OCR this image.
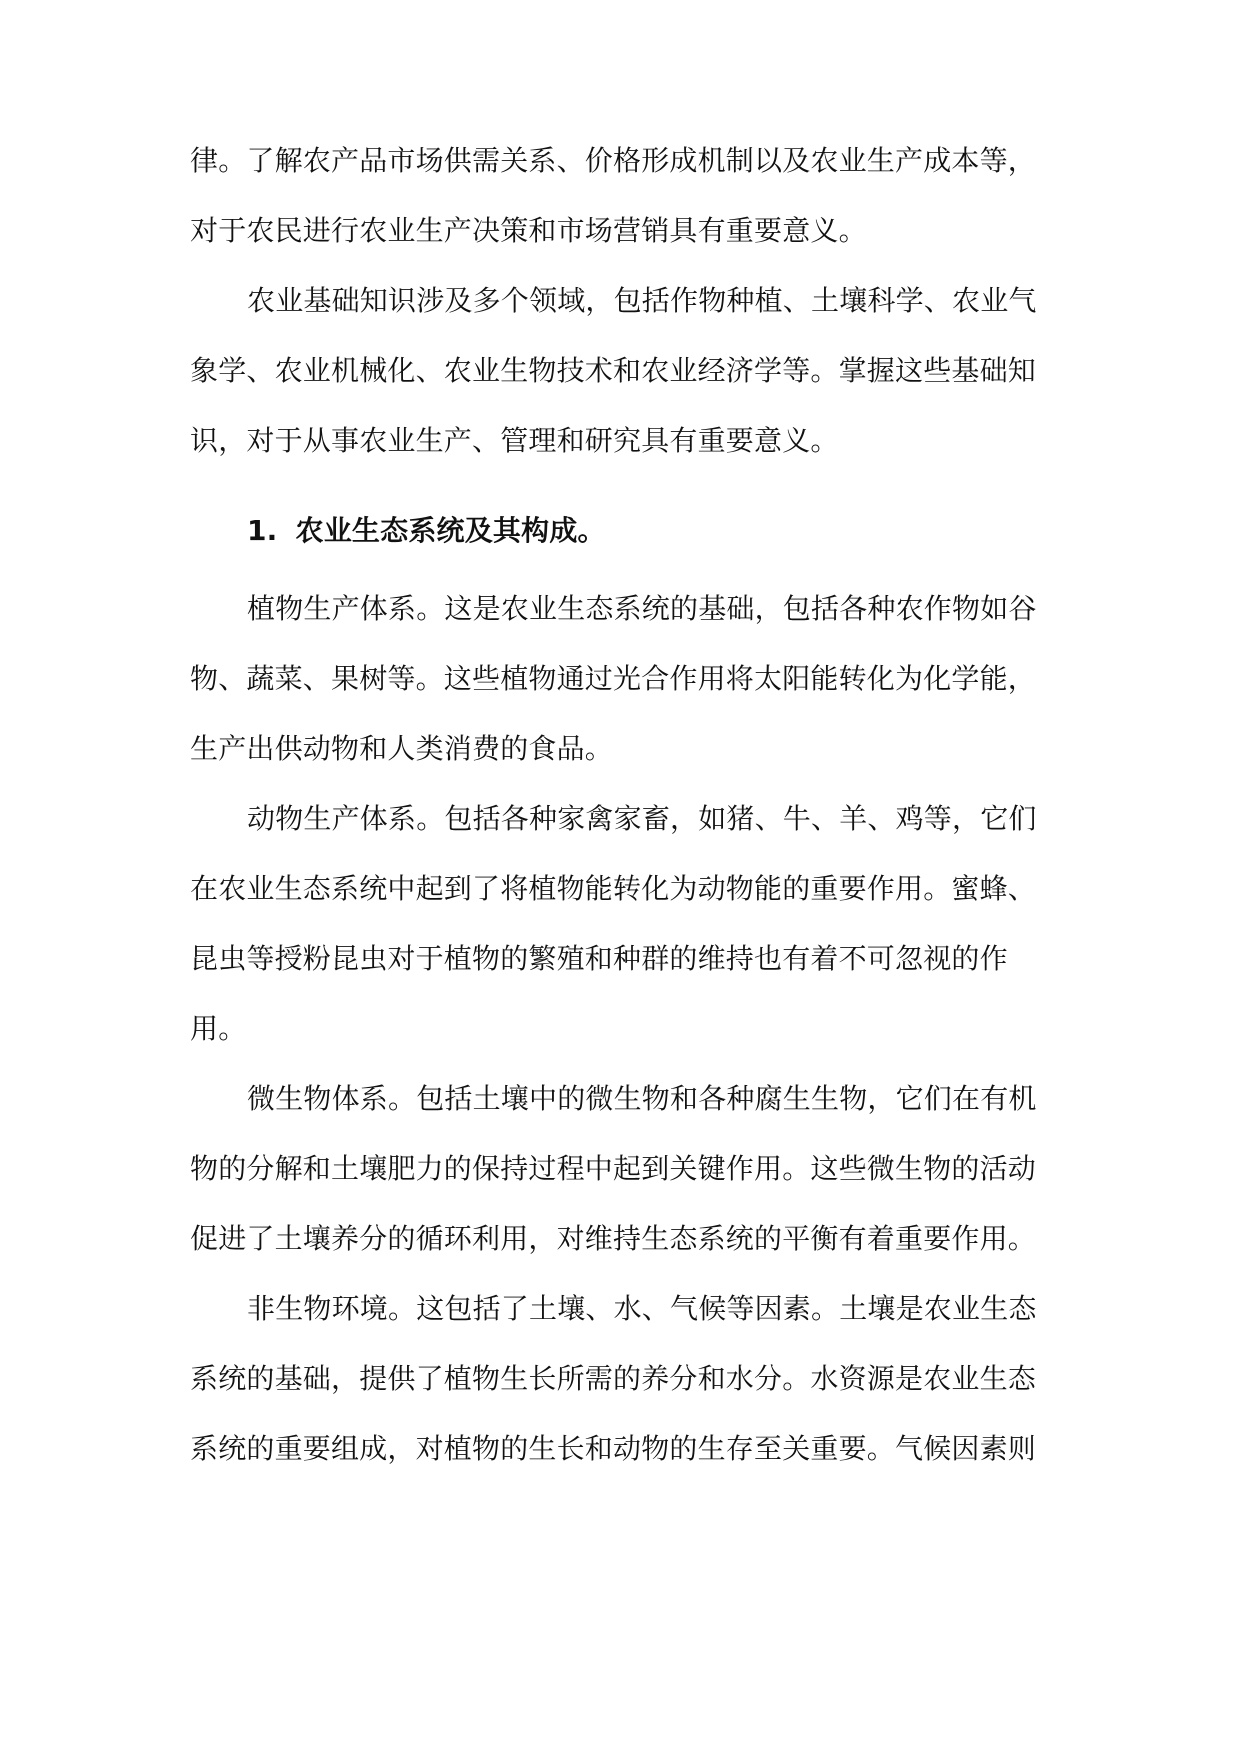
律。了解农产品市场供需关系、价格形成机制以及农业生产成本等，
对于农民进行农业生产决策和市场营销具有重要意义。
农业基础知识涉及多个领域，包括作物种植、土壤科学、农业气
象学、农业机械化、农业生物技术和农业经济学等。掌握这些基础知
识，对于从事农业生产、管理和研究具有重要意义。
1. 农业生态系统及其构成。
植物生产体系。这是农业生态系统的基础，包括各种农作物如谷
物、蔬菜、果树等。这些植物通过光合作用将太阳能转化为化学能，
生产出供动物和人类消费的食品。
动物生产体系。包括各种家禽家畜，如猪、牛、羊、鸡等，它们
在农业生态系统中起到了将植物能转化为动物能的重要作用。蜜蜂、
昆虫等授粉昆虫对于植物的繁殖和种群的维持也有着不可忽视的作
用。
微生物体系。包括土壤中的微生物和各种腐生生物，它们在有机
物的分解和土壤肥力的保持过程中起到关键作用。这些微生物的活动
促进了土壤养分的循环利用，对维持生态系统的平衡有着重要作用。
非生物环境。这包括了土壤、水、气候等因素。土壤是农业生态
系统的基础，提供了植物生长所需的养分和水分。水资源是农业生态
系统的重要组成，对植物的生长和动物的生存至关重要。气候因素则
